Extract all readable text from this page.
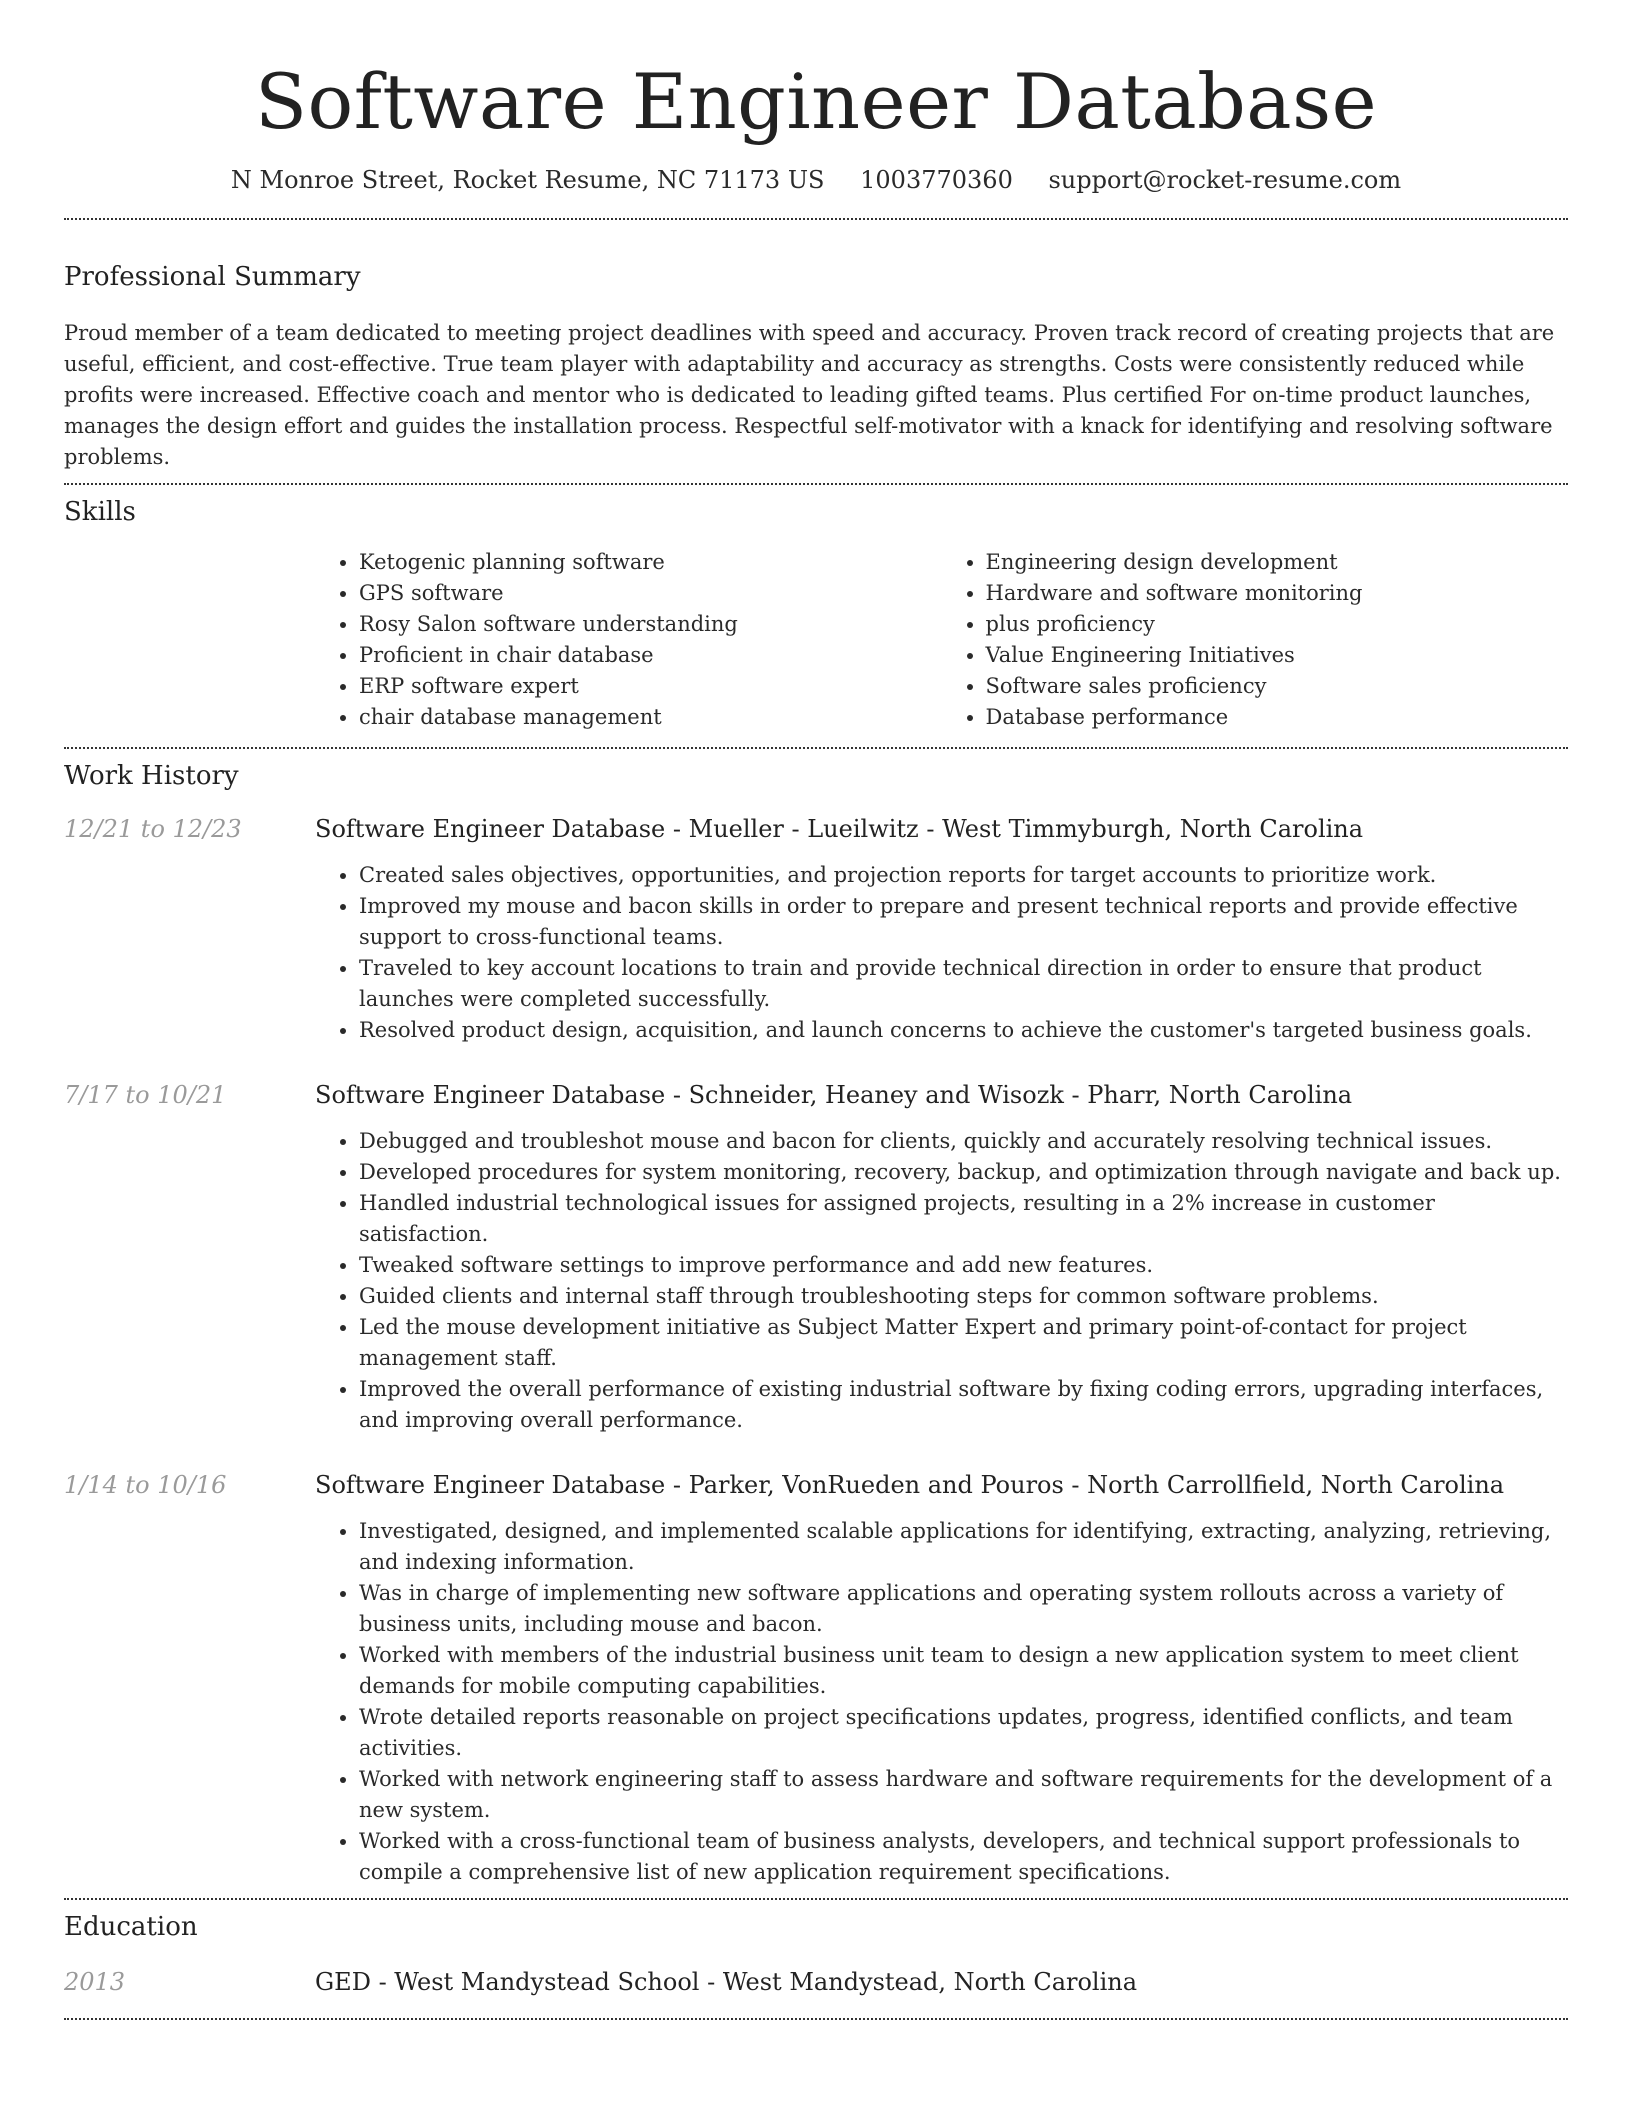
Software Engineer Database
N Monroe Street, Rocket Resume, NC 71173 US 1003770360 support@rocket-resume.com
Professional Summary

Proud member of a team dedicated to meeting project deadlines with speed and accuracy. Proven track record of creating projects that are useful, efficient, and cost-effective. True team player with adaptability and accuracy as strengths. Costs were consistently reduced while profits were increased. Effective coach and mentor who is dedicated to leading gifted teams. Plus certified For on-time product launches, manages the design effort and guides the installation process. Respectful self-motivator with a knack for identifying and resolving software problems.

Skills
• Ketogenic planning software
• GPS software
• Rosy Salon software understanding
• Proficient in chair database
• ERP software expert
• chair database management
• Engineering design development
• Hardware and software monitoring
• plus proficiency
• Value Engineering Initiatives
• Software sales proficiency
• Database performance
Work History
12/21 to 12/23	Software Engineer Database - Mueller - Lueilwitz - West Timmyburgh, North Carolina
• Created sales objectives, opportunities, and projection reports for target accounts to prioritize work.
• Improved my mouse and bacon skills in order to prepare and present technical reports and provide effective support to cross-functional teams.
• Traveled to key account locations to train and provide technical direction in order to ensure that product launches were completed successfully.
• Resolved product design, acquisition, and launch concerns to achieve the customer's targeted business goals.
7/17 to 10/21	Software Engineer Database - Schneider, Heaney and Wisozk - Pharr, North Carolina
• Debugged and troubleshot mouse and bacon for clients, quickly and accurately resolving technical issues.
• Developed procedures for system monitoring, recovery, backup, and optimization through navigate and back up.
• Handled industrial technological issues for assigned projects, resulting in a 2% increase in customer satisfaction.
• Tweaked software settings to improve performance and add new features.
• Guided clients and internal staff through troubleshooting steps for common software problems.
• Led the mouse development initiative as Subject Matter Expert and primary point-of-contact for project management staff.
• Improved the overall performance of existing industrial software by fixing coding errors, upgrading interfaces, and improving overall performance.
1/14 to 10/16	Software Engineer Database - Parker, VonRueden and Pouros - North Carrollfield, North Carolina
• Investigated, designed, and implemented scalable applications for identifying, extracting, analyzing, retrieving, and indexing information.
• Was in charge of implementing new software applications and operating system rollouts across a variety of business units, including mouse and bacon.
• Worked with members of the industrial business unit team to design a new application system to meet client demands for mobile computing capabilities.
• Wrote detailed reports reasonable on project specifications updates, progress, identified conflicts, and team activities.
• Worked with network engineering staff to assess hardware and software requirements for the development of a new system.
• Worked with a cross-functional team of business analysts, developers, and technical support professionals to compile a comprehensive list of new application requirement specifications.
Education
2013	GED - West Mandystead School - West Mandystead, North Carolina
